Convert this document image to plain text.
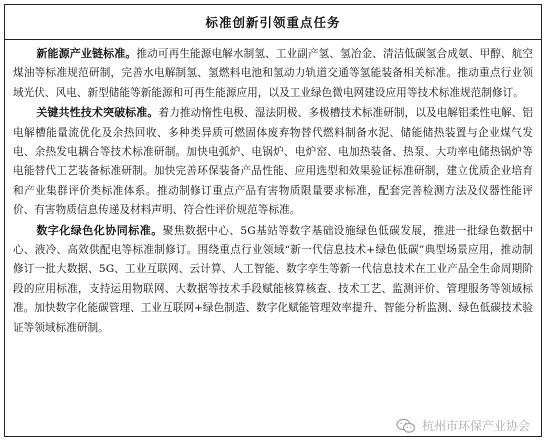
标准创新引领重点任务

新能源产业链标准。推动可再生能源电解水制氢、工业副产氢、氢冶金、清洁低碳氢合成氨、甲醇、航空煤油等标准规范研制，完善水电解制氢、氢燃料电池和氢动力轨道交通等氢能装备相关标准。推动重点行业领域光伏、风电、新型储能等新能源和可再生能源应用，以及工业绿色微电网建设应用等技术标准规范制修订。

关键共性技术突破标准。着力推动惰性电极、湿法阴极、多极槽技术标准研制，以及电解铝柔性电解、铝电解槽能量流优化及余热回收、多种类异质可燃固体废弃物替代燃料制备水泥、储能储热装置与企业煤气发电、余热发电耦合等技术标准研制。加快电弧炉、电锅炉、电炉窑、电加热装备、热泵、大功率电储热锅炉等电能替代工艺装备标准研制。加快完善环保装备产品性能、应用选型和效果验证标准研制，建立优质企业培育和产业集群评价类标准体系。推动制修订重点产品有害物质限量要求标准，配套完善检测方法及仪器性能评价、有害物质信息传递及材料声明、符合性评价规范等标准。

数字化绿色化协同标准。聚焦数据中心、5G基站等数字基础设施绿色低碳发展，推进一批绿色数据中心、液冷、高效供配电等标准制修订。围绕重点行业领域“新一代信息技术+绿色低碳”典型场景应用，推动制修订一批大数据、5G、工业互联网、云计算、人工智能、数字孪生等新一代信息技术在工业产品全生命周期阶段的应用标准，支持运用物联网、大数据等技术手段赋能核算核查、技术工艺、监测评价、管理服务等领域标准。加快数字化能碳管理、工业互联网+绿色制造、数字化赋能管理效率提升、智能分析监测、绿色低碳技术验证等领域标准研制。

杭州市环保产业协会
